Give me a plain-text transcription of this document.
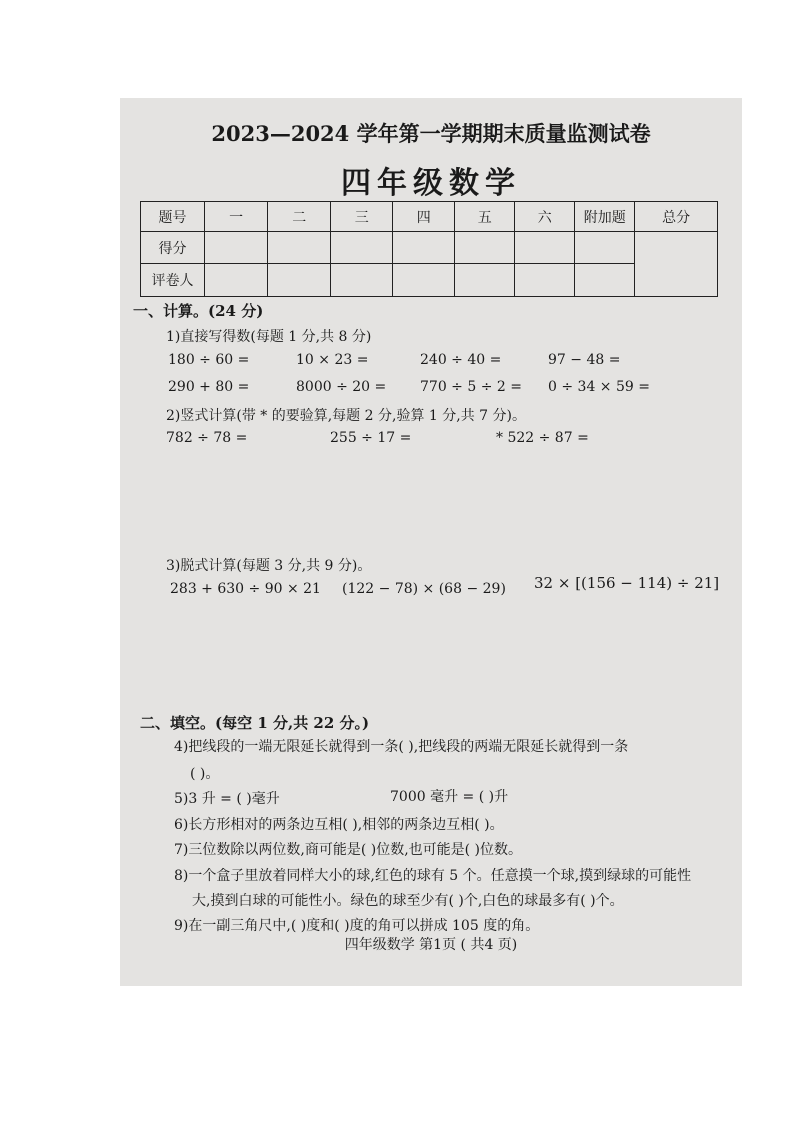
2023—2024 学年第一学期期末质量监测试卷
四年级数学
题号	一	二	三	四	五	六	附加题	总分
得分								
评卷人								
一、计算。(24 分)
1)直接写得数(每题 1 分,共 8 分)
180 ÷ 60 =	10 × 23 =	240 ÷ 40 =	97 − 48 =
290 + 80 =	8000 ÷ 20 = 770 ÷ 5 ÷ 2 = 0 ÷ 34 × 59 =
2)竖式计算(带 * 的要验算,每题 2 分,验算 1 分,共 7 分)。
782 ÷ 78 =	255 ÷ 17 =	* 522 ÷ 87 =
3)脱式计算(每题 3 分,共 9 分)。
283 + 630 ÷ 90 × 21 (122 − 78) × (68 − 29) 32 × [(156 − 114) ÷ 21]
二、填空。(每空 1 分,共 22 分。)
4)把线段的一端无限延长就得到一条( ),把线段的两端无限延长就得到一条
( )。
5)3 升 = ( )毫升	7000 毫升 = ( )升
6)长方形相对的两条边互相( ),相邻的两条边互相( )。
7)三位数除以两位数,商可能是( )位数,也可能是( )位数。
8)一个盒子里放着同样大小的球,红色的球有 5 个。任意摸一个球,摸到绿球的可能性
大,摸到白球的可能性小。绿色的球至少有( )个,白色的球最多有( )个。
9)在一副三角尺中,( )度和( )度的角可以拼成 105 度的角。
四年级数学 第1页 ( 共4 页)
